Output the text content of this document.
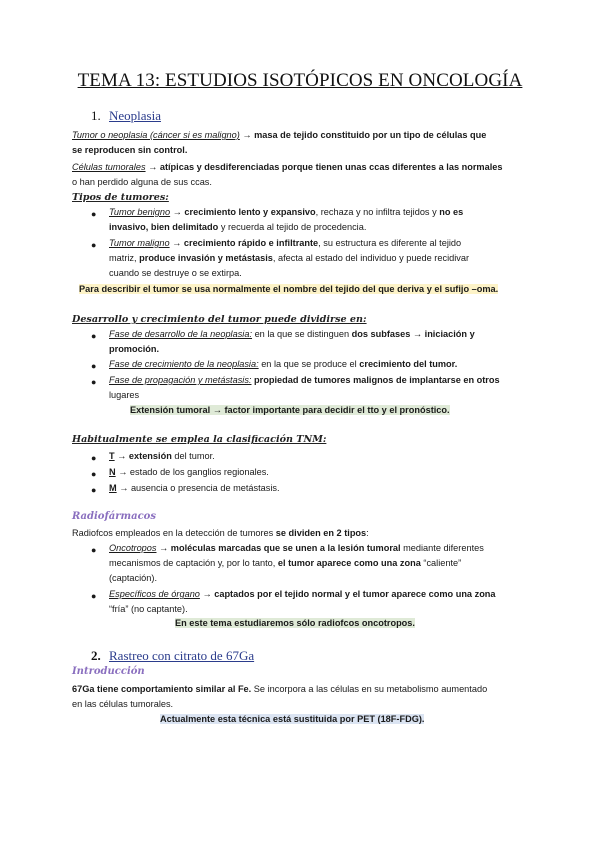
TEMA 13: ESTUDIOS ISOTÓPICOS EN ONCOLOGÍA
1. Neoplasia
Tumor o neoplasia (cáncer si es maligno) → masa de tejido constituido por un tipo de células que
se reproducen sin control.
Células tumorales → atípicas y desdiferenciadas porque tienen unas ccas diferentes a las normales
o han perdido alguna de sus ccas.
Tipos de tumores:
● Tumor benigno → crecimiento lento y expansivo, rechaza y no infiltra tejidos y no es
invasivo, bien delimitado y recuerda al tejido de procedencia.
● Tumor maligno → crecimiento rápido e infiltrante, su estructura es diferente al tejido
matriz, produce invasión y metástasis, afecta al estado del individuo y puede recidivar
cuando se destruye o se extirpa.
Para describir el tumor se usa normalmente el nombre del tejido del que deriva y el sufijo –oma.
Desarrollo y crecimiento del tumor puede dividirse en:
● Fase de desarrollo de la neoplasia: en la que se distinguen dos subfases → iniciación y
promoción.
● Fase de crecimiento de la neoplasia: en la que se produce el crecimiento del tumor.
● Fase de propagación y metástasis: propiedad de tumores malignos de implantarse en otros
lugares
Extensión tumoral → factor importante para decidir el tto y el pronóstico.
Habitualmente se emplea la clasificación TNM:
● T → extensión del tumor.
● N → estado de los ganglios regionales.
● M → ausencia o presencia de metástasis.
Radiofármacos
Radiofcos empleados en la detección de tumores se dividen en 2 tipos:
● Oncotropos → moléculas marcadas que se unen a la lesión tumoral mediante diferentes
mecanismos de captación y, por lo tanto, el tumor aparece como una zona “caliente”
(captación).
● Específicos de órgano → captados por el tejido normal y el tumor aparece como una zona
“fría” (no captante).
En este tema estudiaremos sólo radiofcos oncotropos.
2. Rastreo con citrato de 67Ga
Introducción
67Ga tiene comportamiento similar al Fe. Se incorpora a las células en su metabolismo aumentado
en las células tumorales.
Actualmente esta técnica está sustituida por PET (18F-FDG).
